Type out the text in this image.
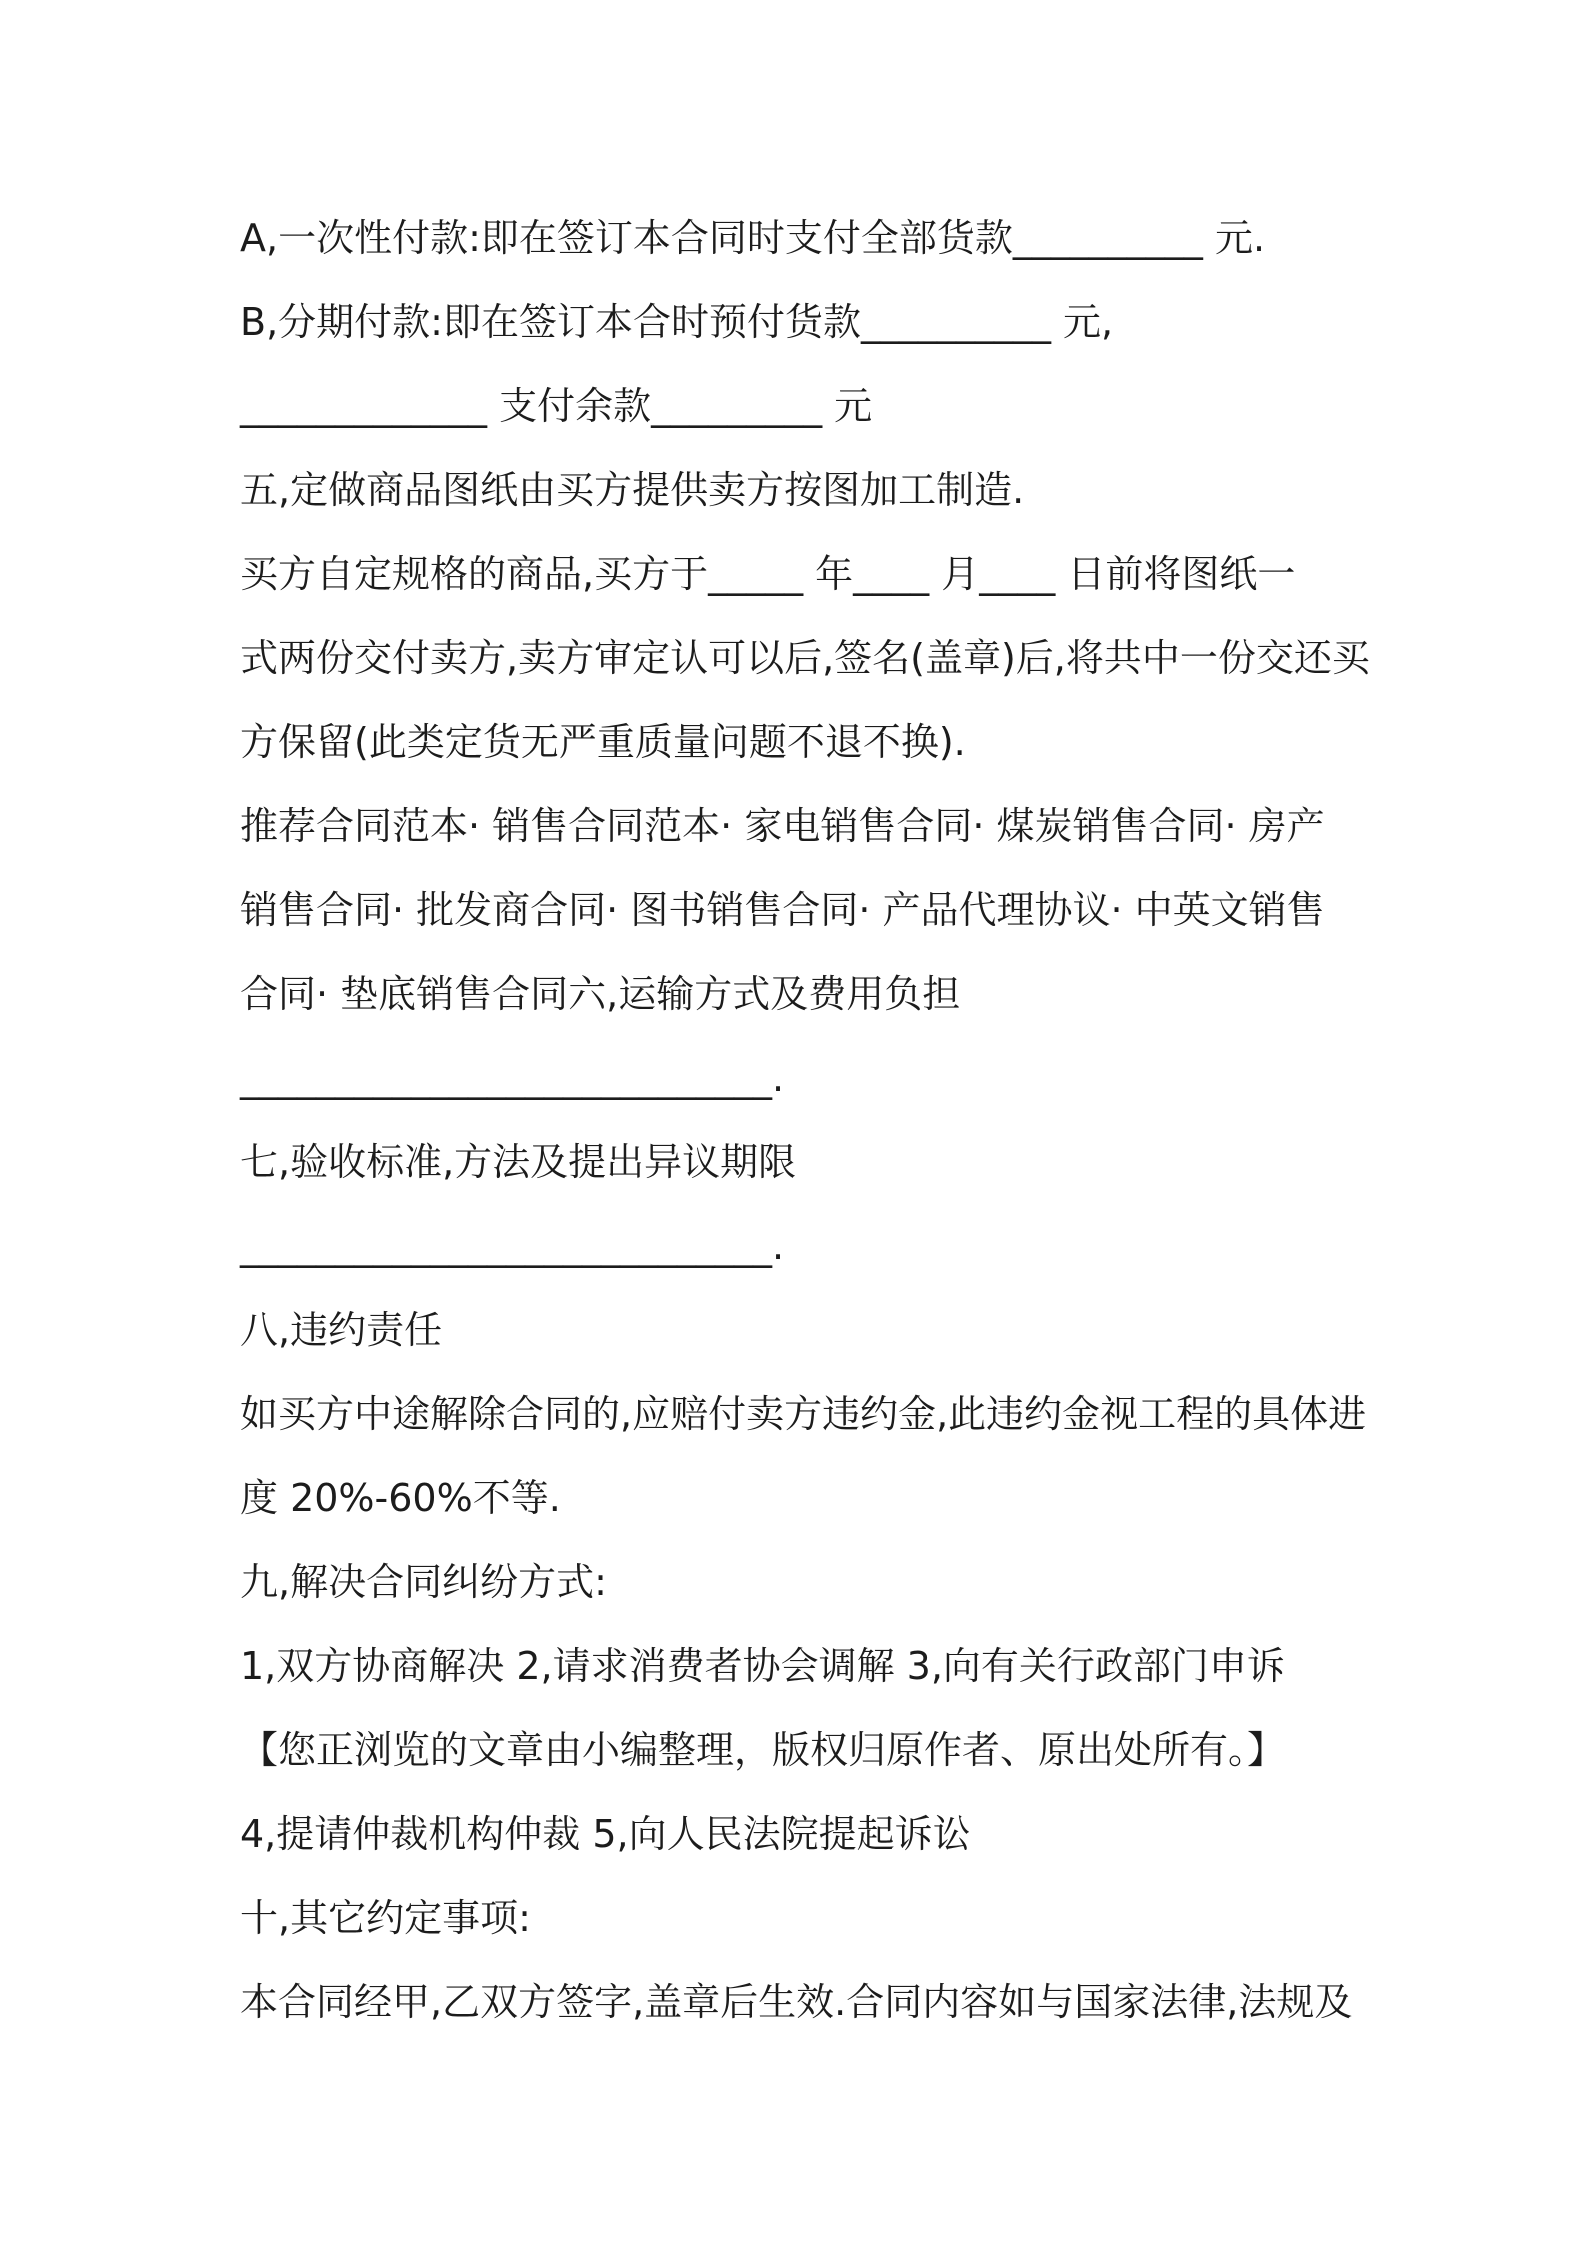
A,一次性付款:即在签订本合同时支付全部货款__________ 元.
B,分期付款:即在签订本合时预付货款__________ 元,
_____________ 支付余款_________ 元
五,定做商品图纸由买方提供卖方按图加工制造.
买方自定规格的商品,买方于_____ 年____ 月____ 日前将图纸一
式两份交付卖方,卖方审定认可以后,签名(盖章)后,将共中一份交还买
方保留(此类定货无严重质量问题不退不换).
推荐合同范本· 销售合同范本· 家电销售合同· 煤炭销售合同· 房产
销售合同· 批发商合同· 图书销售合同· 产品代理协议· 中英文销售
合同· 垫底销售合同六,运输方式及费用负担
____________________________.
七,验收标准,方法及提出异议期限
____________________________.
八,违约责任
如买方中途解除合同的,应赔付卖方违约金,此违约金视工程的具体进
度 20%-60%不等.
九,解决合同纠纷方式:
1,双方协商解决 2,请求消费者协会调解 3,向有关行政部门申诉
【您正浏览的文章由小编整理，版权归原作者、原出处所有。】
4,提请仲裁机构仲裁 5,向人民法院提起诉讼
十,其它约定事项:
本合同经甲,乙双方签字,盖章后生效.合同内容如与国家法律,法规及
